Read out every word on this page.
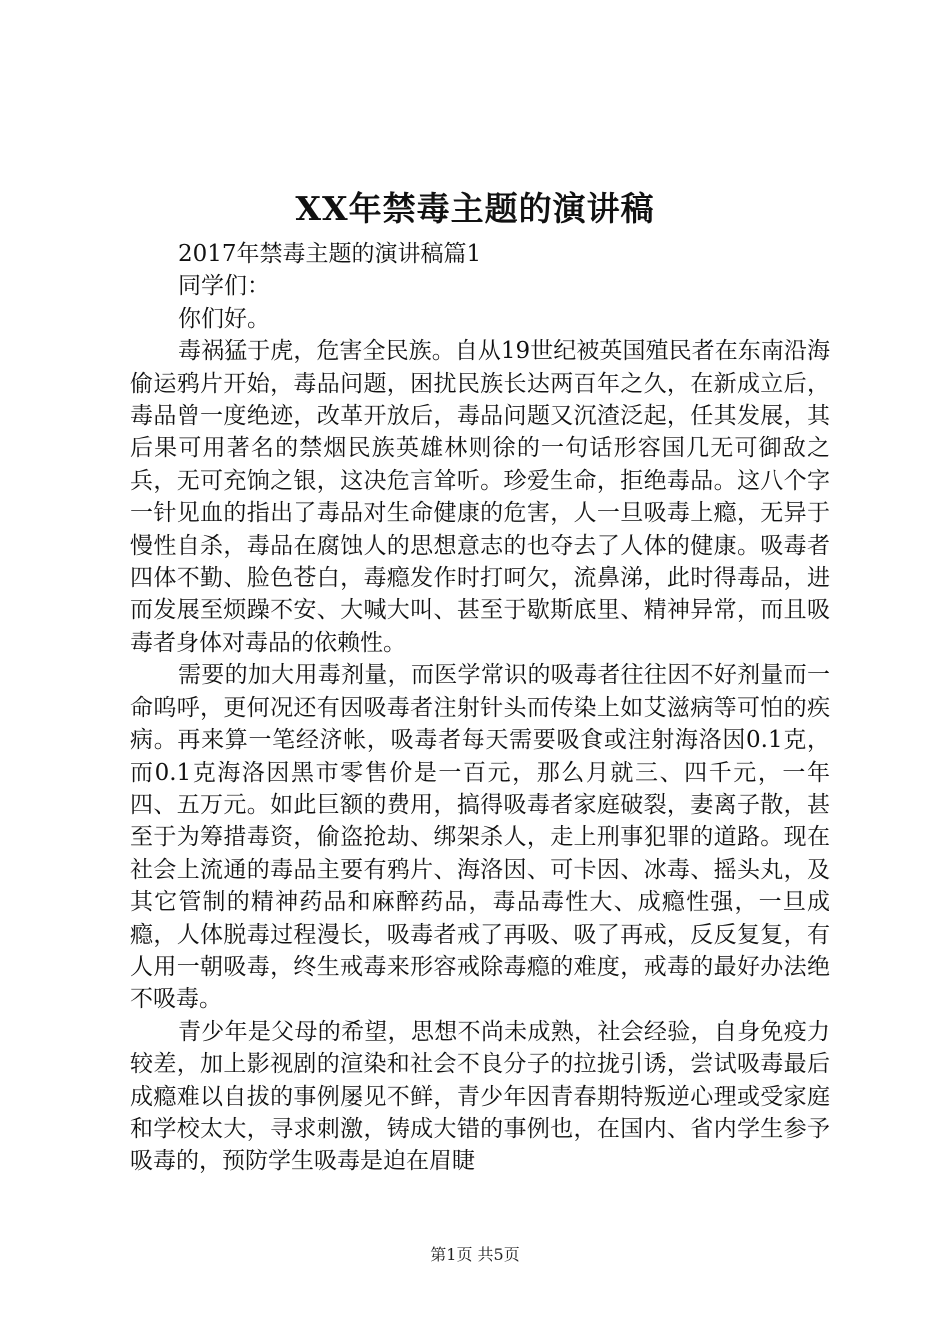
XX年禁毒主题的演讲稿

2017年禁毒主题的演讲稿篇1

同学们：

你们好。

毒祸猛于虎，危害全民族。自从19世纪被英国殖民者在东南沿海偷运鸦片开始，毒品问题，困扰民族长达两百年之久，在新成立后，毒品曾一度绝迹，改革开放后，毒品问题又沉渣泛起，任其发展，其后果可用著名的禁烟民族英雄林则徐的一句话形容国几无可御敌之兵，无可充饷之银，这决危言耸听。珍爱生命，拒绝毒品。这八个字一针见血的指出了毒品对生命健康的危害，人一旦吸毒上瘾，无异于慢性自杀，毒品在腐蚀人的思想意志的也夺去了人体的健康。吸毒者四体不勤、脸色苍白，毒瘾发作时打呵欠，流鼻涕，此时得毒品，进而发展至烦躁不安、大喊大叫、甚至于歇斯底里、精神异常，而且吸毒者身体对毒品的依赖性。

需要的加大用毒剂量，而医学常识的吸毒者往往因不好剂量而一命呜呼，更何况还有因吸毒者注射针头而传染上如艾滋病等可怕的疾病。再来算一笔经济帐，吸毒者每天需要吸食或注射海洛因0.1克，而0.1克海洛因黑市零售价是一百元，那么月就三、四千元，一年四、五万元。如此巨额的费用，搞得吸毒者家庭破裂，妻离子散，甚至于为筹措毒资，偷盗抢劫、绑架杀人，走上刑事犯罪的道路。现在社会上流通的毒品主要有鸦片、海洛因、可卡因、冰毒、摇头丸，及其它管制的精神药品和麻醉药品，毒品毒性大、成瘾性强，一旦成瘾，人体脱毒过程漫长，吸毒者戒了再吸、吸了再戒，反反复复，有人用一朝吸毒，终生戒毒来形容戒除毒瘾的难度，戒毒的最好办法绝不吸毒。

青少年是父母的希望，思想不尚未成熟，社会经验，自身免疫力较差，加上影视剧的渲染和社会不良分子的拉拢引诱，尝试吸毒最后成瘾难以自拔的事例屡见不鲜，青少年因青春期特叛逆心理或受家庭和学校太大，寻求刺激，铸成大错的事例也，在国内、省内学生参予吸毒的，预防学生吸毒是迫在眉睫

第1页 共5页
